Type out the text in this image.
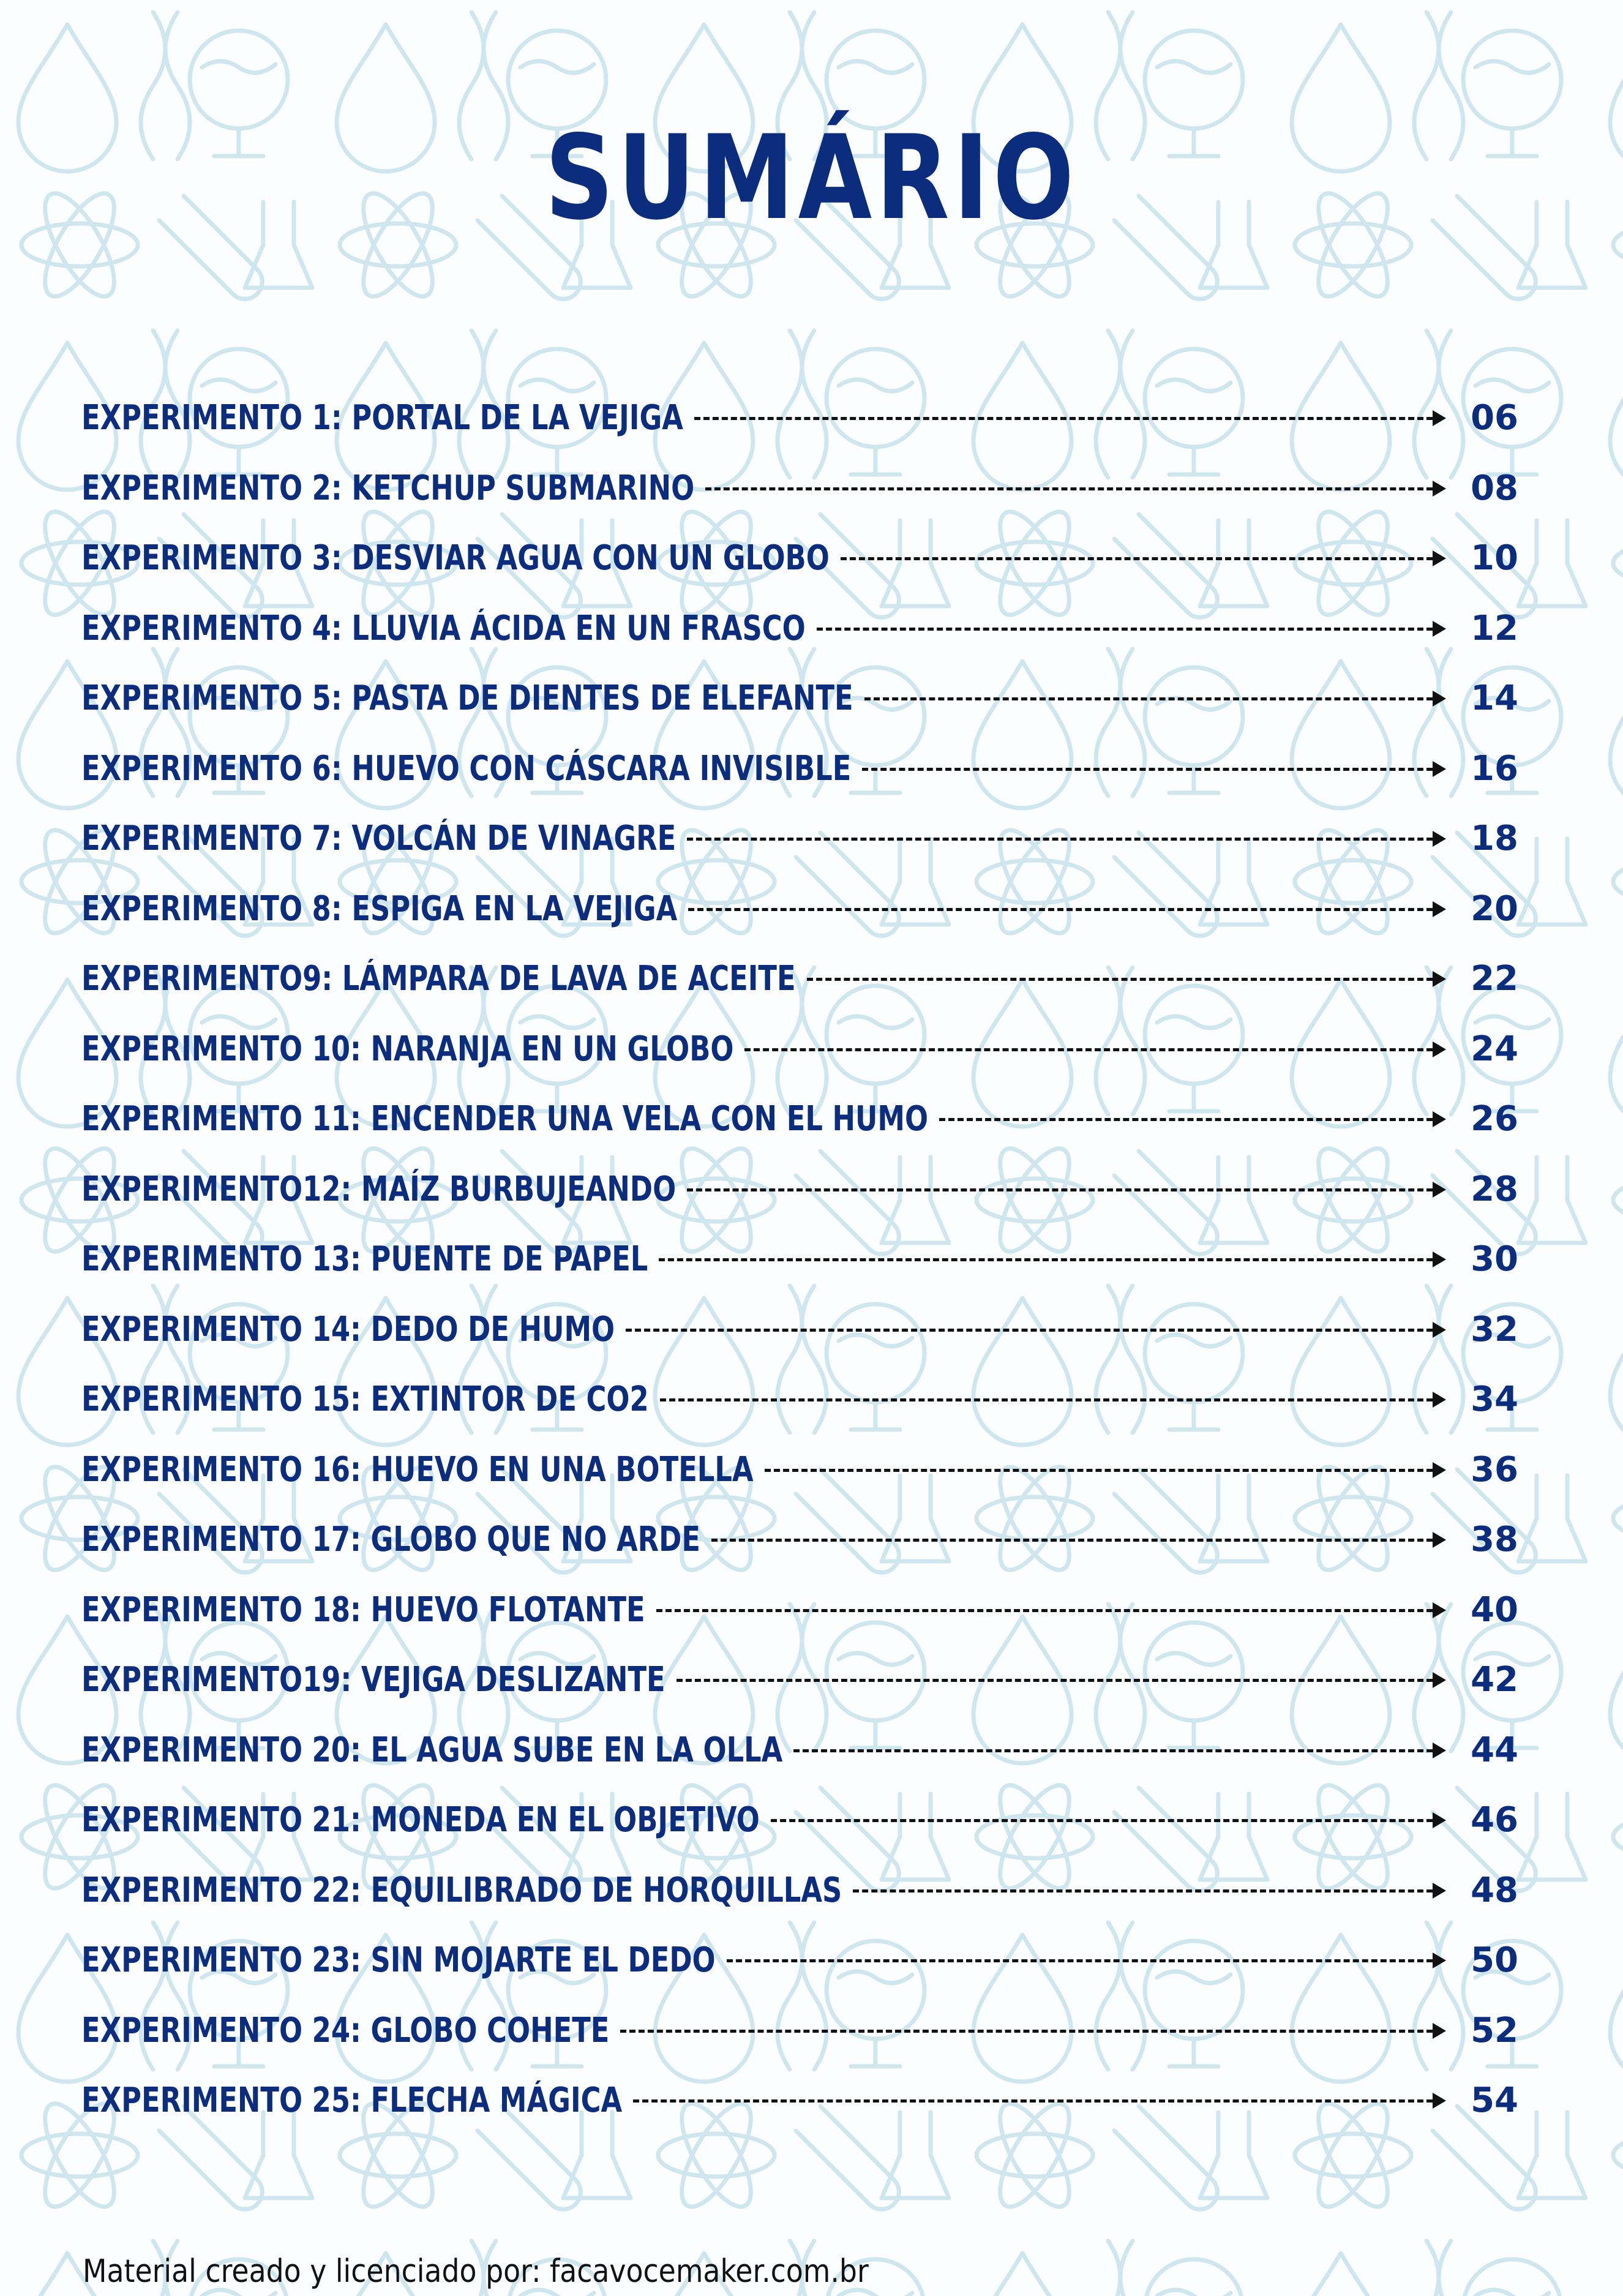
SUMÁRIO
EXPERIMENTO 1: PORTAL DE LA VEJIGA	06
EXPERIMENTO 2: KETCHUP SUBMARINO	08
EXPERIMENTO 3: DESVIAR AGUA CON UN GLOBO	10
EXPERIMENTO 4: LLUVIA ÁCIDA EN UN FRASCO	12
EXPERIMENTO 5: PASTA DE DIENTES DE ELEFANTE	14
EXPERIMENTO 6: HUEVO CON CÁSCARA INVISIBLE	16
EXPERIMENTO 7: VOLCÁN DE VINAGRE	18
EXPERIMENTO 8: ESPIGA EN LA VEJIGA	20
EXPERIMENTO9: LÁMPARA DE LAVA DE ACEITE	22
EXPERIMENTO 10: NARANJA EN UN GLOBO	24
EXPERIMENTO 11: ENCENDER UNA VELA CON EL HUMO	26
EXPERIMENTO12: MAÍZ BURBUJEANDO	28
EXPERIMENTO 13: PUENTE DE PAPEL	30
EXPERIMENTO 14: DEDO DE HUMO	32
EXPERIMENTO 15: EXTINTOR DE CO2	34
EXPERIMENTO 16: HUEVO EN UNA BOTELLA	36
EXPERIMENTO 17: GLOBO QUE NO ARDE	38
EXPERIMENTO 18: HUEVO FLOTANTE	40
EXPERIMENTO19: VEJIGA DESLIZANTE	42
EXPERIMENTO 20: EL AGUA SUBE EN LA OLLA	44
EXPERIMENTO 21: MONEDA EN EL OBJETIVO	46
EXPERIMENTO 22: EQUILIBRADO DE HORQUILLAS	48
EXPERIMENTO 23: SIN MOJARTE EL DEDO	50
EXPERIMENTO 24: GLOBO COHETE	52
EXPERIMENTO 25: FLECHA MÁGICA	54
Material creado y licenciado por: facavocemaker.com.br
